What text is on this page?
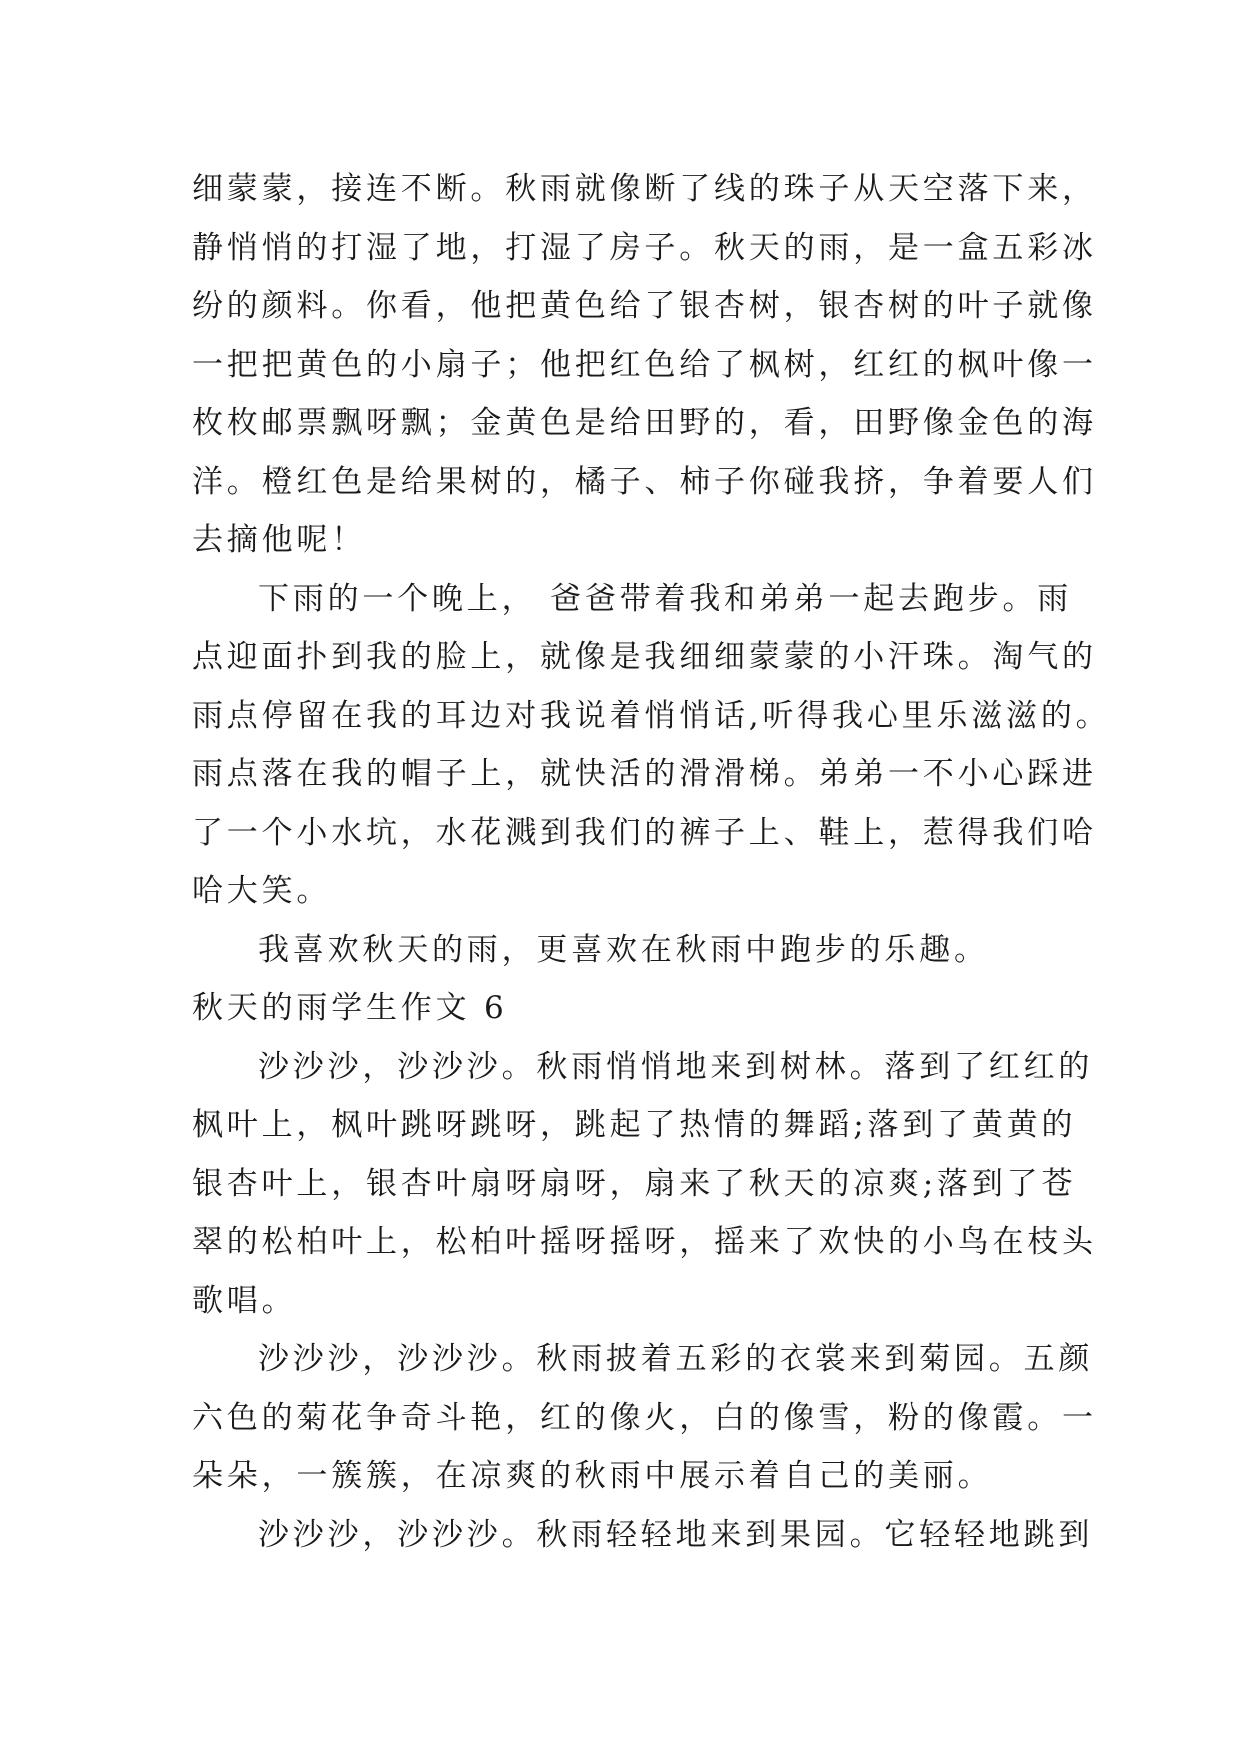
细蒙蒙，接连不断。秋雨就像断了线的珠子从天空落下来，
静悄悄的打湿了地，打湿了房子。秋天的雨，是一盒五彩冰
纷的颜料。你看，他把黄色给了银杏树，银杏树的叶子就像
一把把黄色的小扇子；他把红色给了枫树，红红的枫叶像一
枚枚邮票飘呀飘；金黄色是给田野的，看，田野像金色的海
洋。橙红色是给果树的，橘子、柿子你碰我挤，争着要人们
去摘他呢！
下雨的一个晚上， 爸爸带着我和弟弟一起去跑步。雨
点迎面扑到我的脸上，就像是我细细蒙蒙的小汗珠。淘气的
雨点停留在我的耳边对我说着悄悄话,听得我心里乐滋滋的。
雨点落在我的帽子上，就快活的滑滑梯。弟弟一不小心踩进
了一个小水坑，水花溅到我们的裤子上、鞋上，惹得我们哈
哈大笑。
我喜欢秋天的雨，更喜欢在秋雨中跑步的乐趣。
秋天的雨学生作文 6
沙沙沙，沙沙沙。秋雨悄悄地来到树林。落到了红红的
枫叶上，枫叶跳呀跳呀，跳起了热情的舞蹈;落到了黄黄的
银杏叶上，银杏叶扇呀扇呀，扇来了秋天的凉爽;落到了苍
翠的松柏叶上，松柏叶摇呀摇呀，摇来了欢快的小鸟在枝头
歌唱。
沙沙沙，沙沙沙。秋雨披着五彩的衣裳来到菊园。五颜
六色的菊花争奇斗艳，红的像火，白的像雪，粉的像霞。一
朵朵，一簇簇，在凉爽的秋雨中展示着自己的美丽。
沙沙沙，沙沙沙。秋雨轻轻地来到果园。它轻轻地跳到
